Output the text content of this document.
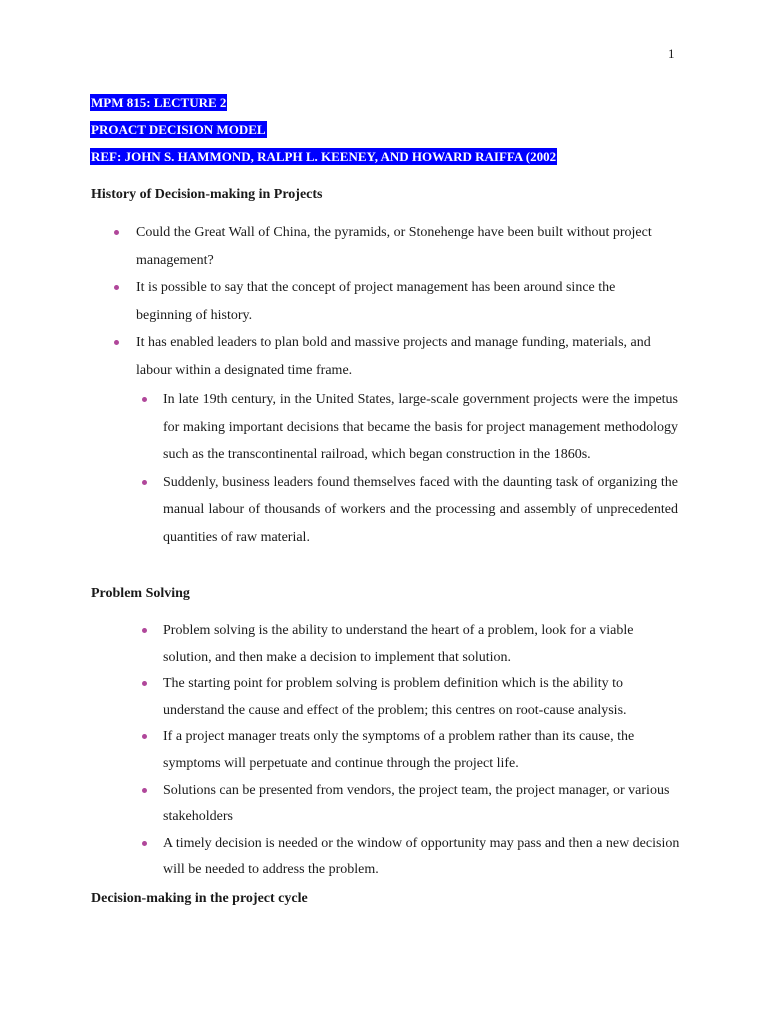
1
MPM 815: LECTURE 2
PROACT DECISION MODEL
REF: JOHN S. HAMMOND, RALPH L. KEENEY, AND HOWARD RAIFFA (2002
History of Decision-making in Projects
Could the Great Wall of China, the pyramids, or Stonehenge have been built without project management?
It is possible to say that the concept of project management has been around since the beginning of history.
It has enabled leaders to plan bold and massive projects and manage funding, materials, and labour within a designated time frame.
In late 19th century, in the United States, large-scale government projects were the impetus for making important decisions that became the basis for project management methodology such as the transcontinental railroad, which began construction in the 1860s.
Suddenly, business leaders found themselves faced with the daunting task of organizing the manual labour of thousands of workers and the processing and assembly of unprecedented quantities of raw material.
Problem Solving
Problem solving is the ability to understand the heart of a problem, look for a viable solution, and then make a decision to implement that solution.
The starting point for problem solving is problem definition which is the ability to understand the cause and effect of the problem; this centres on root-cause analysis.
If a project manager treats only the symptoms of a problem rather than its cause, the symptoms will perpetuate and continue through the project life.
Solutions can be presented from vendors, the project team, the project manager, or various stakeholders
A timely decision is needed or the window of opportunity may pass and then a new decision will be needed to address the problem.
Decision-making in the project cycle
